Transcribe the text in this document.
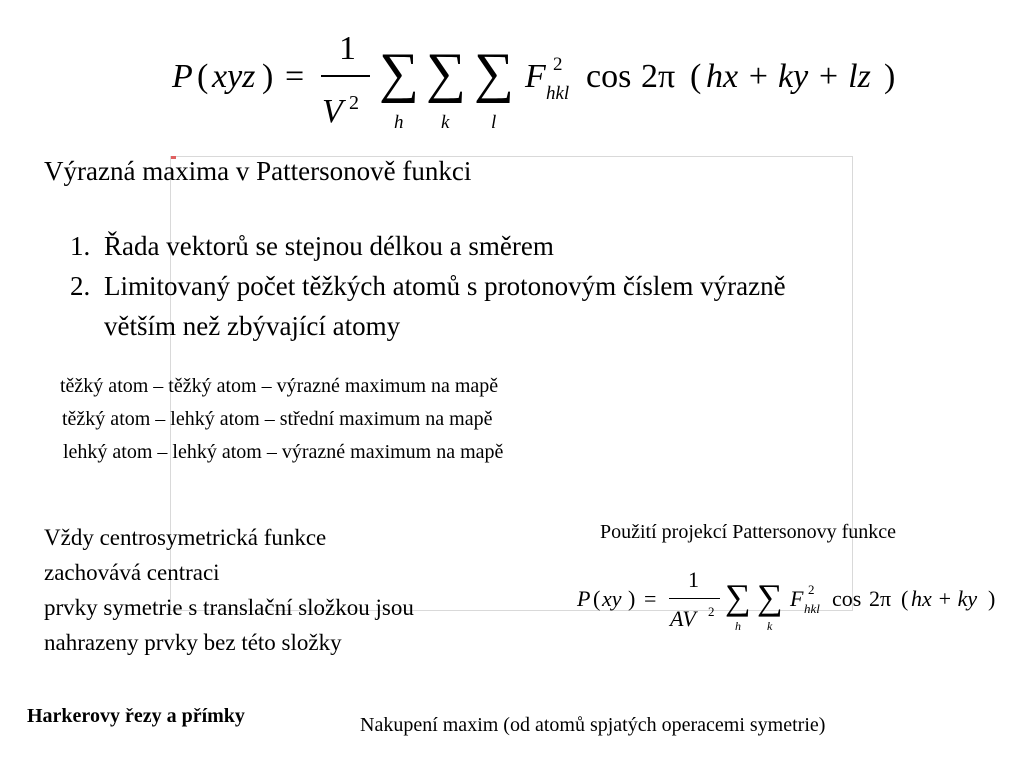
P ( xyz ) =
1
V 2 ∑ ∑ ∑
h k l
F 2
hkl cos 2π ( hx + ky + lz )
Výrazná maxima v Pattersonově funkci
1. Řada vektorů se stejnou délkou a směrem
2. Limitovaný počet těžkých atomů s protonovým číslem výrazně
větším než zbývající atomy
těžký atom – těžký atom – výrazné maximum na mapě
těžký atom – lehký atom – střední maximum na mapě
lehký atom – lehký atom – výrazné maximum na mapě
Vždy centrosymetrická funkce
zachovává centraci
prvky symetrie s translační složkou jsou
nahrazeny prvky bez této složky
Použití projekcí Pattersonovy funkce
P ( xy ) =
1
AV 2 ∑ ∑
h k
F 2
hkl cos 2π ( hx + ky )
Harkerovy řezy a přímky	Nakupení maxim (od atomů spjatých operacemi symetrie)
